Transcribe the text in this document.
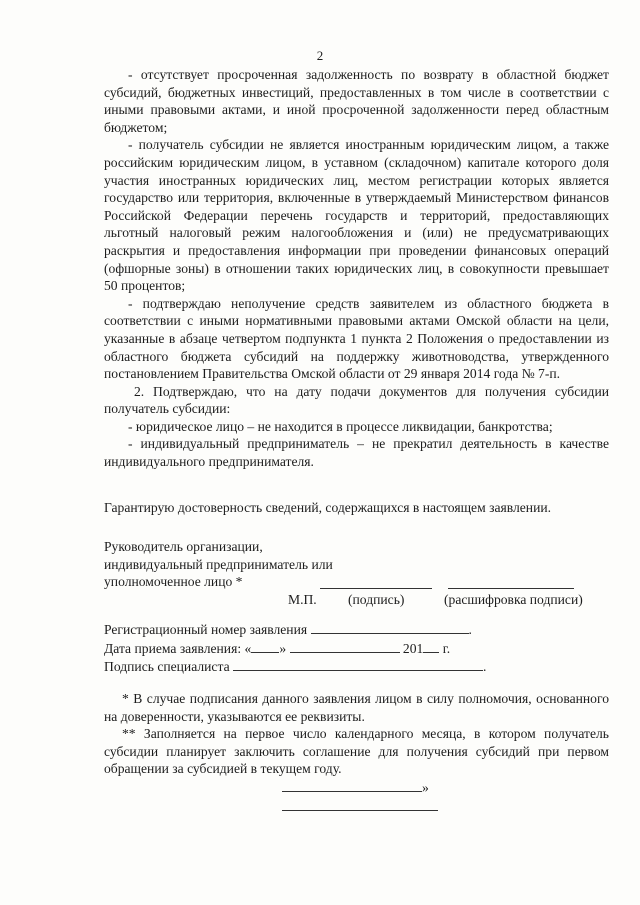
2

- отсутствует просроченная задолженность по возврату в областной бюджет субсидий, бюджетных инвестиций, предоставленных в том числе в соответствии с иными правовыми актами, и иной просроченной задолженности перед областным бюджетом;

- получатель субсидии не является иностранным юридическим лицом, а также российским юридическим лицом, в уставном (складочном) капитале которого доля участия иностранных юридических лиц, местом регистрации которых является государство или территория, включенные в утверждаемый Министерством финансов Российской Федерации перечень государств и территорий, предоставляющих льготный налоговый режим налогообложения и (или) не предусматривающих раскрытия и предоставления информации при проведении финансовых операций (офшорные зоны) в отношении таких юридических лиц, в совокупности превышает 50 процентов;

- подтверждаю неполучение средств заявителем из областного бюджета в соответствии с иными нормативными правовыми актами Омской области на цели, указанные в абзаце четвертом подпункта 1 пункта 2 Положения о предоставлении из областного бюджета субсидий на поддержку животноводства, утвержденного постановлением Правительства Омской области от 29 января 2014 года № 7-п.

2. Подтверждаю, что на дату подачи документов для получения субсидии получатель субсидии:

- юридическое лицо – не находится в процессе ликвидации, банкротства;

- индивидуальный предприниматель – не прекратил деятельность в качестве индивидуального предпринимателя.

Гарантирую достоверность сведений, содержащихся в настоящем заявлении.

Руководитель организации,

индивидуальный предприниматель или

уполномоченное лицо *
М.П. (подпись)	(расшифровка подписи)

Регистрационный номер заявления	.

Дата приема заявления: « »	201 г.

Подпись специалиста	.

* В случае подписания данного заявления лицом в силу полномочия, основанного на доверенности, указываются ее реквизиты.

** Заполняется на первое число календарного месяца, в котором получатель субсидии планирует заключить соглашение для получения субсидий при первом обращении за субсидией в текущем году.

»
